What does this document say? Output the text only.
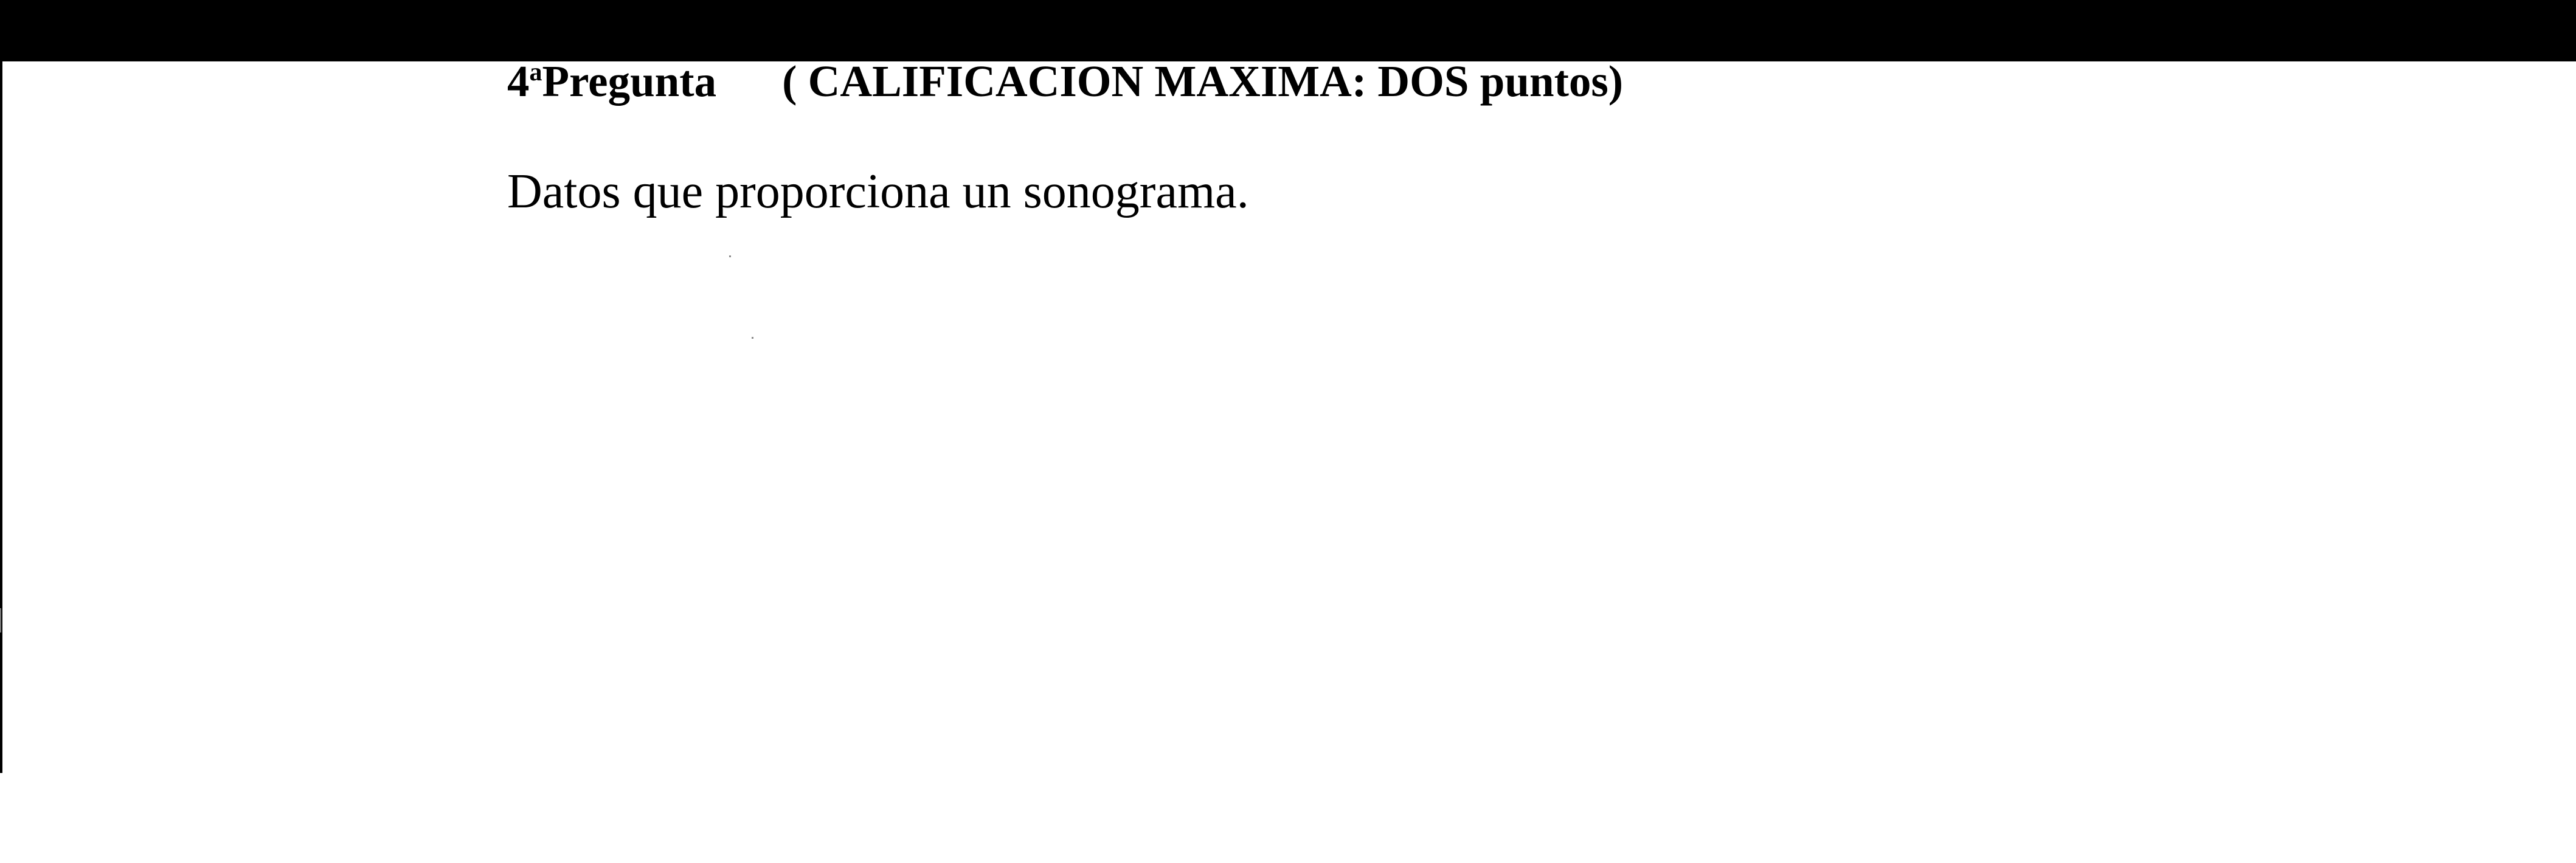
4$^a$Pregunta ( CALIFICACION MAXIMA: DOS puntos)

Datos que proporciona un sonograma.
